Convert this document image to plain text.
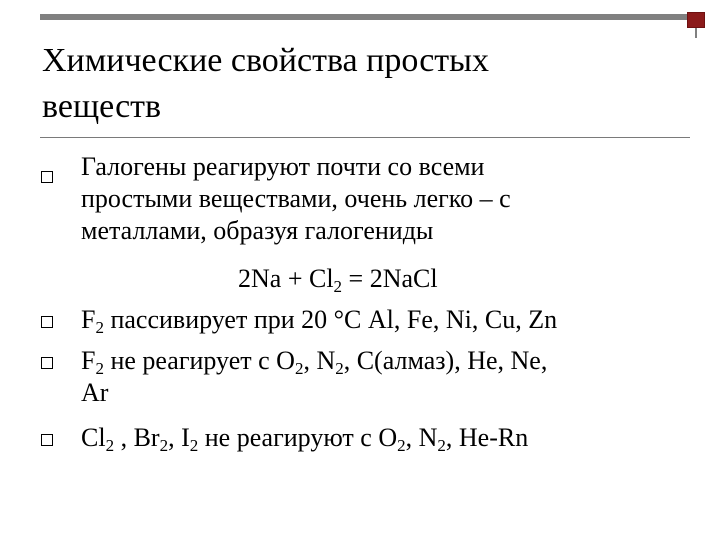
Химические свойства простых
веществ
Галогены реагируют почти со всеми
простыми веществами, очень легко – с
металлами, образуя галогениды
$F_2$ пассивирует при 20 °С Al, Fe, Ni, Cu, Zn
$F_2$ не реагирует с $O_2$, $N_2$, C(алмаз), He, Ne,
Ar
$Cl_2$ , $Br_2$, $I_2$ не реагируют с $O_2$, $N_2$, He-Rn
$2Na + Cl_2$ = 2NaCl
